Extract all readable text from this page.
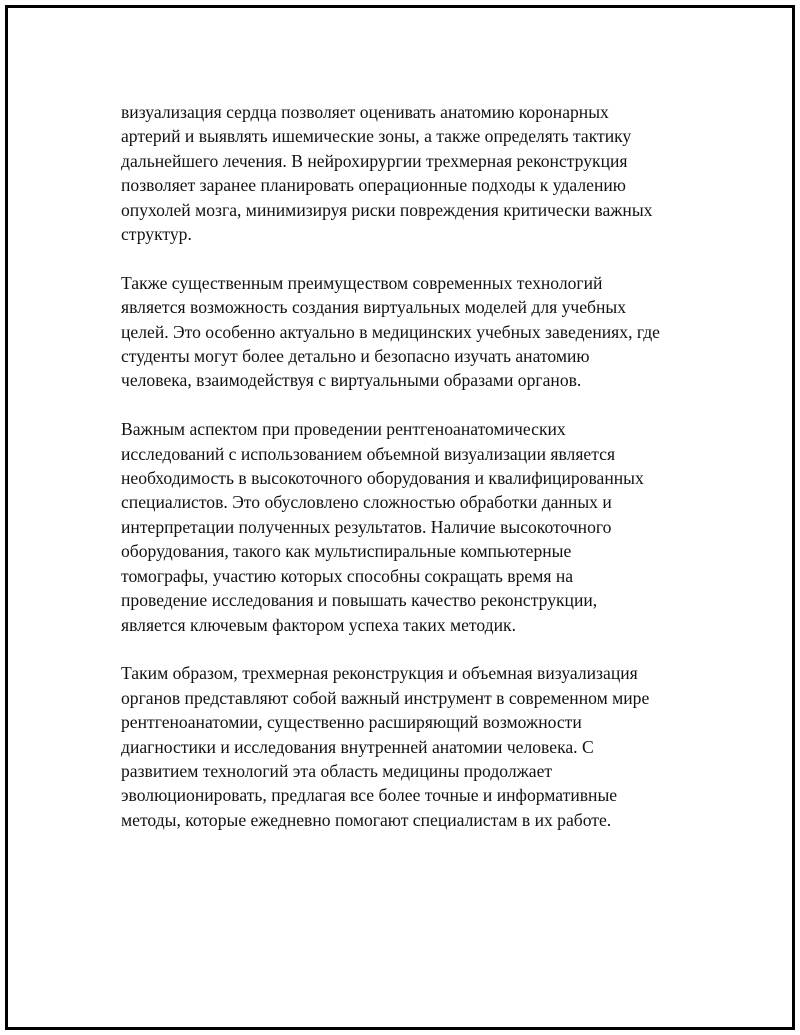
визуализация сердца позволяет оценивать анатомию коронарных
артерий и выявлять ишемические зоны, а также определять тактику
дальнейшего лечения. В нейрохирургии трехмерная реконструкция
позволяет заранее планировать операционные подходы к удалению
опухолей мозга, минимизируя риски повреждения критически важных
структур.

Также существенным преимуществом современных технологий
является возможность создания виртуальных моделей для учебных
целей. Это особенно актуально в медицинских учебных заведениях, где
студенты могут более детально и безопасно изучать анатомию
человека, взаимодействуя с виртуальными образами органов.

Важным аспектом при проведении рентгеноанатомических
исследований с использованием объемной визуализации является
необходимость в высокоточного оборудования и квалифицированных
специалистов. Это обусловлено сложностью обработки данных и
интерпретации полученных результатов. Наличие высокоточного
оборудования, такого как мультиспиральные компьютерные
томографы, участию которых способны сокращать время на
проведение исследования и повышать качество реконструкции,
является ключевым фактором успеха таких методик.

Таким образом, трехмерная реконструкция и объемная визуализация
органов представляют собой важный инструмент в современном мире
рентгеноанатомии, существенно расширяющий возможности
диагностики и исследования внутренней анатомии человека. С
развитием технологий эта область медицины продолжает
эволюционировать, предлагая все более точные и информативные
методы, которые ежедневно помогают специалистам в их работе.
